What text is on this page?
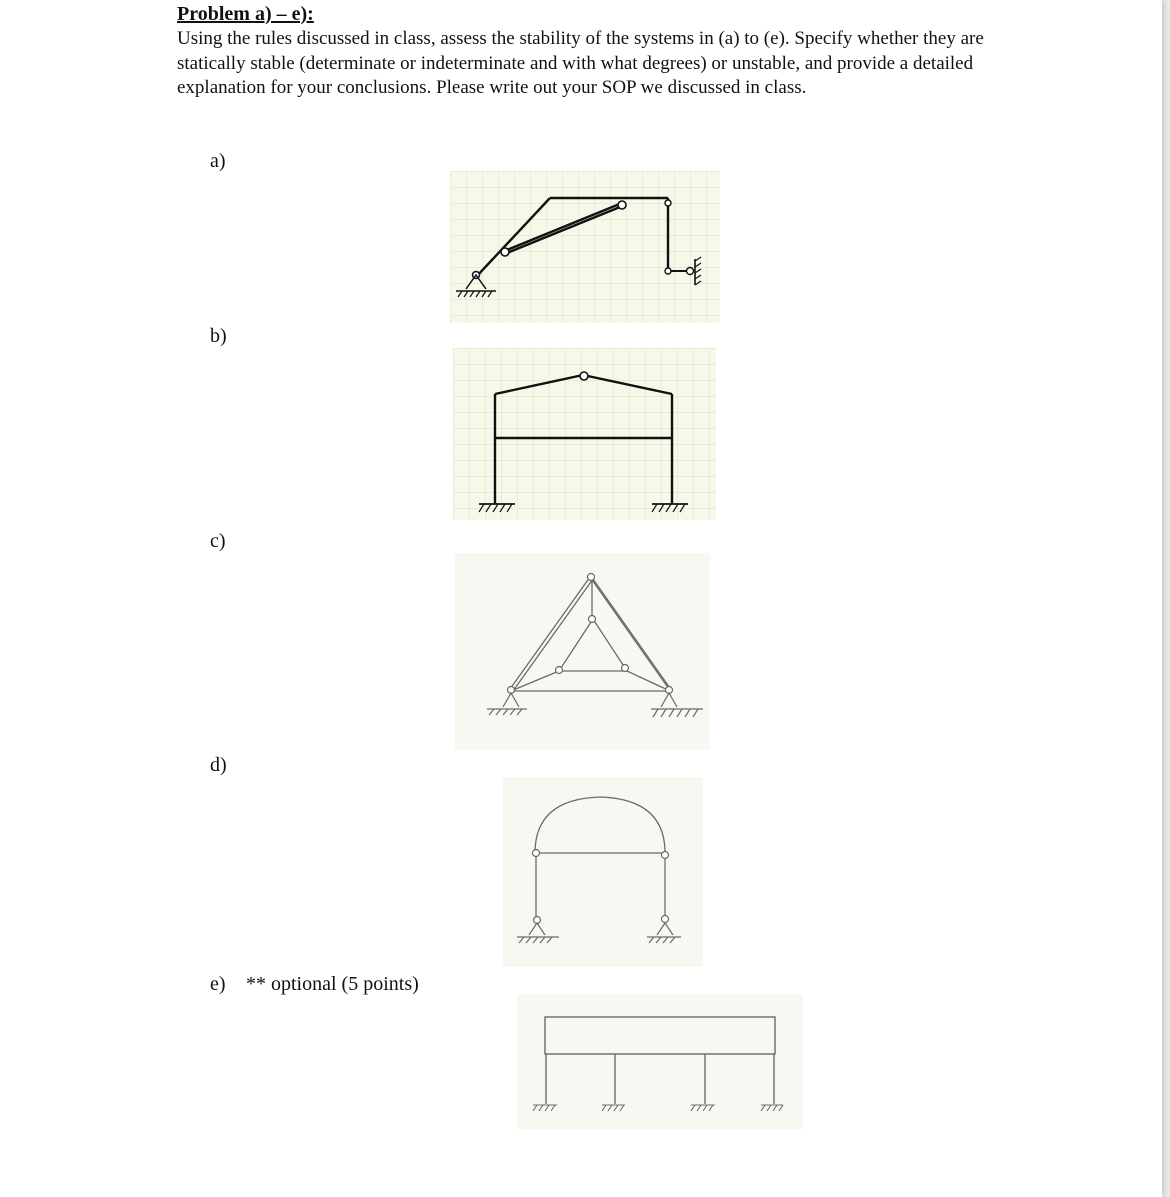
Problem a) – e):

Using the rules discussed in class, assess the stability of the systems in (a) to (e). Specify whether they are statically stable (determinate or indeterminate and with what degrees) or unstable, and provide a detailed explanation for your conclusions. Please write out your SOP we discussed in class.

a)
b)
c)
d)
e) ** optional (5 points)
